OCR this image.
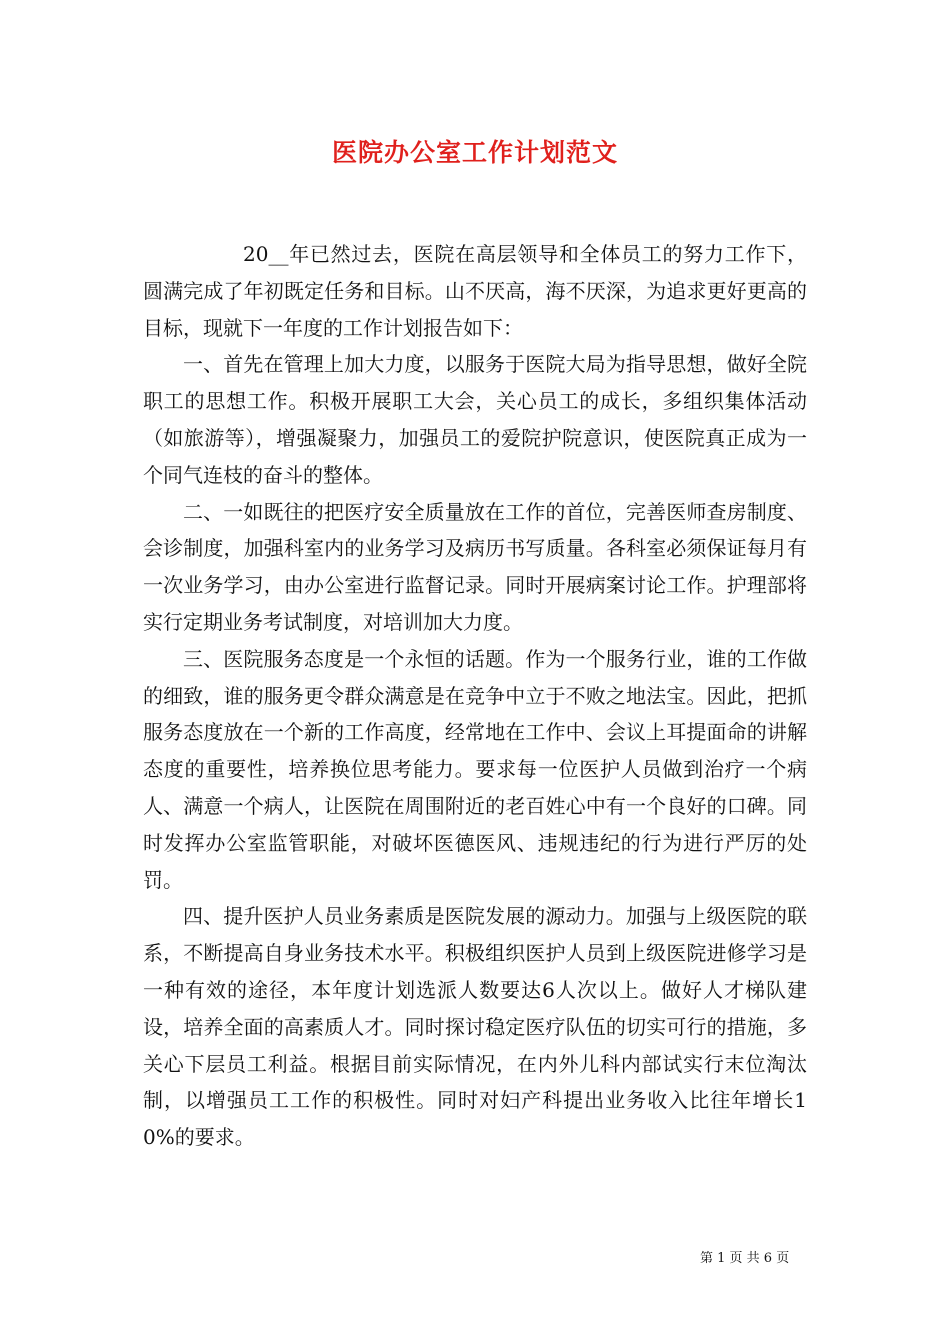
医院办公室工作计划范文

20__年已然过去，医院在高层领导和全体员工的努力工作下，圆满完成了年初既定任务和目标。山不厌高，海不厌深，为追求更好更高的目标，现就下一年度的工作计划报告如下：

一、首先在管理上加大力度，以服务于医院大局为指导思想，做好全院职工的思想工作。积极开展职工大会，关心员工的成长，多组织集体活动（如旅游等），增强凝聚力，加强员工的爱院护院意识，使医院真正成为一个同气连枝的奋斗的整体。

二、一如既往的把医疗安全质量放在工作的首位，完善医师查房制度、会诊制度，加强科室内的业务学习及病历书写质量。各科室必须保证每月有一次业务学习，由办公室进行监督记录。同时开展病案讨论工作。护理部将实行定期业务考试制度，对培训加大力度。

三、医院服务态度是一个永恒的话题。作为一个服务行业，谁的工作做的细致，谁的服务更令群众满意是在竞争中立于不败之地法宝。因此，把抓服务态度放在一个新的工作高度，经常地在工作中、会议上耳提面命的讲解态度的重要性，培养换位思考能力。要求每一位医护人员做到治疗一个病人、满意一个病人，让医院在周围附近的老百姓心中有一个良好的口碑。同时发挥办公室监管职能，对破坏医德医风、违规违纪的行为进行严厉的处罚。

四、提升医护人员业务素质是医院发展的源动力。加强与上级医院的联系，不断提高自身业务技术水平。积极组织医护人员到上级医院进修学习是一种有效的途径，本年度计划选派人数要达6人次以上。做好人才梯队建设，培养全面的高素质人才。同时探讨稳定医疗队伍的切实可行的措施，多关心下层员工利益。根据目前实际情况，在内外儿科内部试实行末位淘汰制，以增强员工工作的积极性。同时对妇产科提出业务收入比往年增长10%的要求。

第 1 页 共 6 页
